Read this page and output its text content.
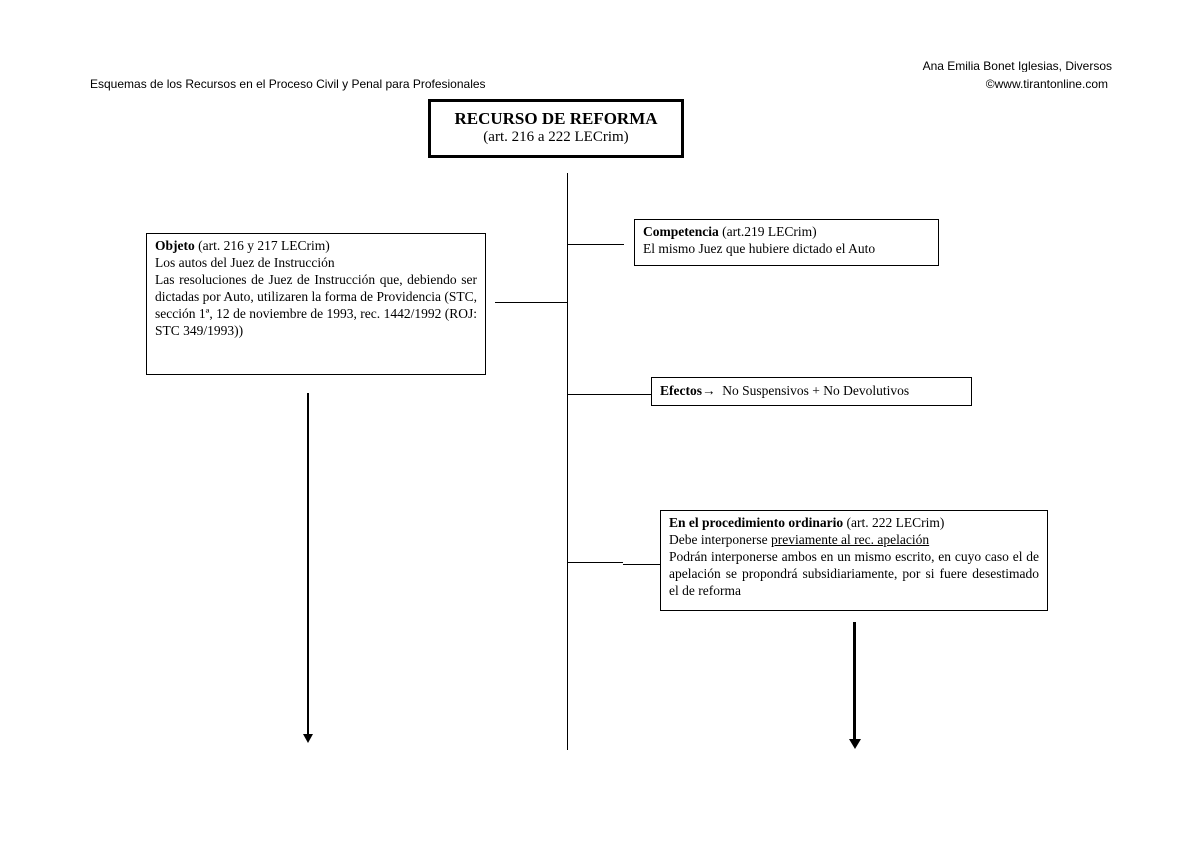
Esquemas de los Recursos en el Proceso Civil y Penal para Profesionales
Ana Emilia Bonet Iglesias, Diversos
©www.tirantonline.com
RECURSO DE REFORMA
(art. 216 a 222 LECrim)
Objeto (art. 216 y 217 LECrim)
Los autos del Juez de Instrucción
Las resoluciones de Juez de Instrucción que, debiendo ser dictadas por Auto, utilizaren la forma de Providencia (STC, sección 1ª, 12 de noviembre de 1993, rec. 1442/1992 (ROJ: STC 349/1993))
Competencia (art.219 LECrim)
El mismo Juez que hubiere dictado el Auto
Efectos→  No Suspensivos + No Devolutivos
En el procedimiento ordinario (art. 222 LECrim)
Debe interponerse previamente al rec. apelación
Podrán interponerse ambos en un mismo escrito, en cuyo caso el de apelación se propondrá subsidiariamente, por si fuere desestimado el de reforma
